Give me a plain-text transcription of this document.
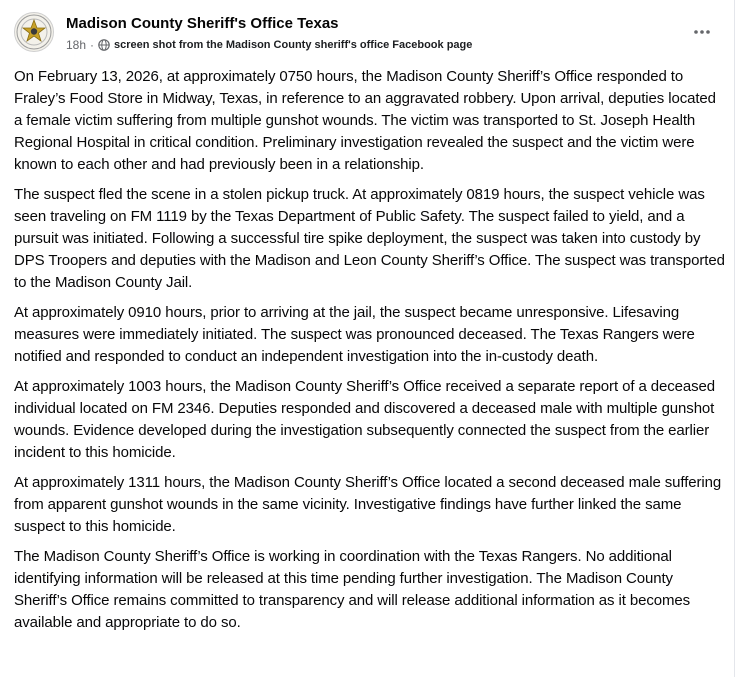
Madison County Sheriff's Office Texas
18h · screen shot from the Madison County sheriff's office Facebook page

On February 13, 2026, at approximately 0750 hours, the Madison County Sheriff’s Office responded to Fraley’s Food Store in Midway, Texas, in reference to an aggravated robbery. Upon arrival, deputies located a female victim suffering from multiple gunshot wounds. The victim was transported to St. Joseph Health Regional Hospital in critical condition. Preliminary investigation revealed the suspect and the victim were known to each other and had previously been in a relationship.

The suspect fled the scene in a stolen pickup truck. At approximately 0819 hours, the suspect vehicle was seen traveling on FM 1119 by the Texas Department of Public Safety. The suspect failed to yield, and a pursuit was initiated. Following a successful tire spike deployment, the suspect was taken into custody by DPS Troopers and deputies with the Madison and Leon County Sheriff’s Office. The suspect was transported to the Madison County Jail.

At approximately 0910 hours, prior to arriving at the jail, the suspect became unresponsive. Lifesaving measures were immediately initiated. The suspect was pronounced deceased. The Texas Rangers were notified and responded to conduct an independent investigation into the in-custody death.

At approximately 1003 hours, the Madison County Sheriff’s Office received a separate report of a deceased individual located on FM 2346. Deputies responded and discovered a deceased male with multiple gunshot wounds. Evidence developed during the investigation subsequently connected the suspect from the earlier incident to this homicide.

At approximately 1311 hours, the Madison County Sheriff’s Office located a second deceased male suffering from apparent gunshot wounds in the same vicinity. Investigative findings have further linked the same suspect to this homicide.

The Madison County Sheriff’s Office is working in coordination with the Texas Rangers. No additional identifying information will be released at this time pending further investigation. The Madison County Sheriff’s Office remains committed to transparency and will release additional information as it becomes available and appropriate to do so.
